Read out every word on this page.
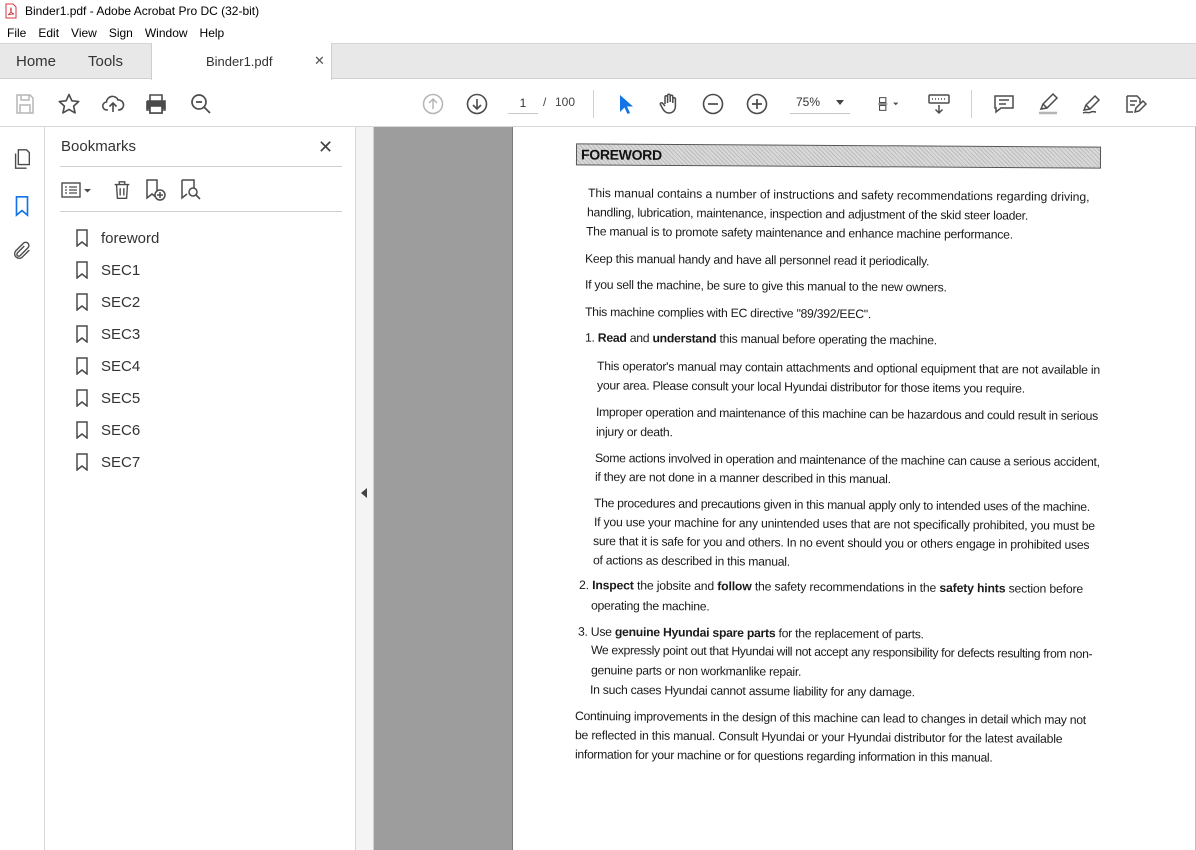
Binder1.pdf - Adobe Acrobat Pro DC (32-bit)
File	Edit	View	Sign	Window	Help
Home Tools	Binder1.pdf	✕
1
/ 100	75%
Bookmarks	✕
foreword
SEC1
SEC2
SEC3
SEC4
SEC5
SEC6
SEC7
FOREWORD
This manual contains a number of instructions and safety recommendations regarding driving,
handling, lubrication, maintenance, inspection and adjustment of the skid steer loader.
The manual is to promote safety maintenance and enhance machine performance.
Keep this manual handy and have all personnel read it periodically.
If you sell the machine, be sure to give this manual to the new owners.
This machine complies with EC directive "89/392/EEC".
1. Read and understand this manual before operating the machine.
This operator's manual may contain attachments and optional equipment that are not available in
your area. Please consult your local Hyundai distributor for those items you require.
Improper operation and maintenance of this machine can be hazardous and could result in serious
injury or death.
Some actions involved in operation and maintenance of the machine can cause a serious accident,
if they are not done in a manner described in this manual.
The procedures and precautions given in this manual apply only to intended uses of the machine.
If you use your machine for any unintended uses that are not specifically prohibited, you must be
sure that it is safe for you and others. In no event should you or others engage in prohibited uses
of actions as described in this manual.
2. Inspect the jobsite and follow the safety recommendations in the safety hints section before
operating the machine.
3. Use genuine Hyundai spare parts for the replacement of parts.
We expressly point out that Hyundai will not accept any responsibility for defects resulting from non-
genuine parts or non workmanlike repair.
In such cases Hyundai cannot assume liability for any damage.
Continuing improvements in the design of this machine can lead to changes in detail which may not
be reflected in this manual. Consult Hyundai or your Hyundai distributor for the latest available
information for your machine or for questions regarding information in this manual.
